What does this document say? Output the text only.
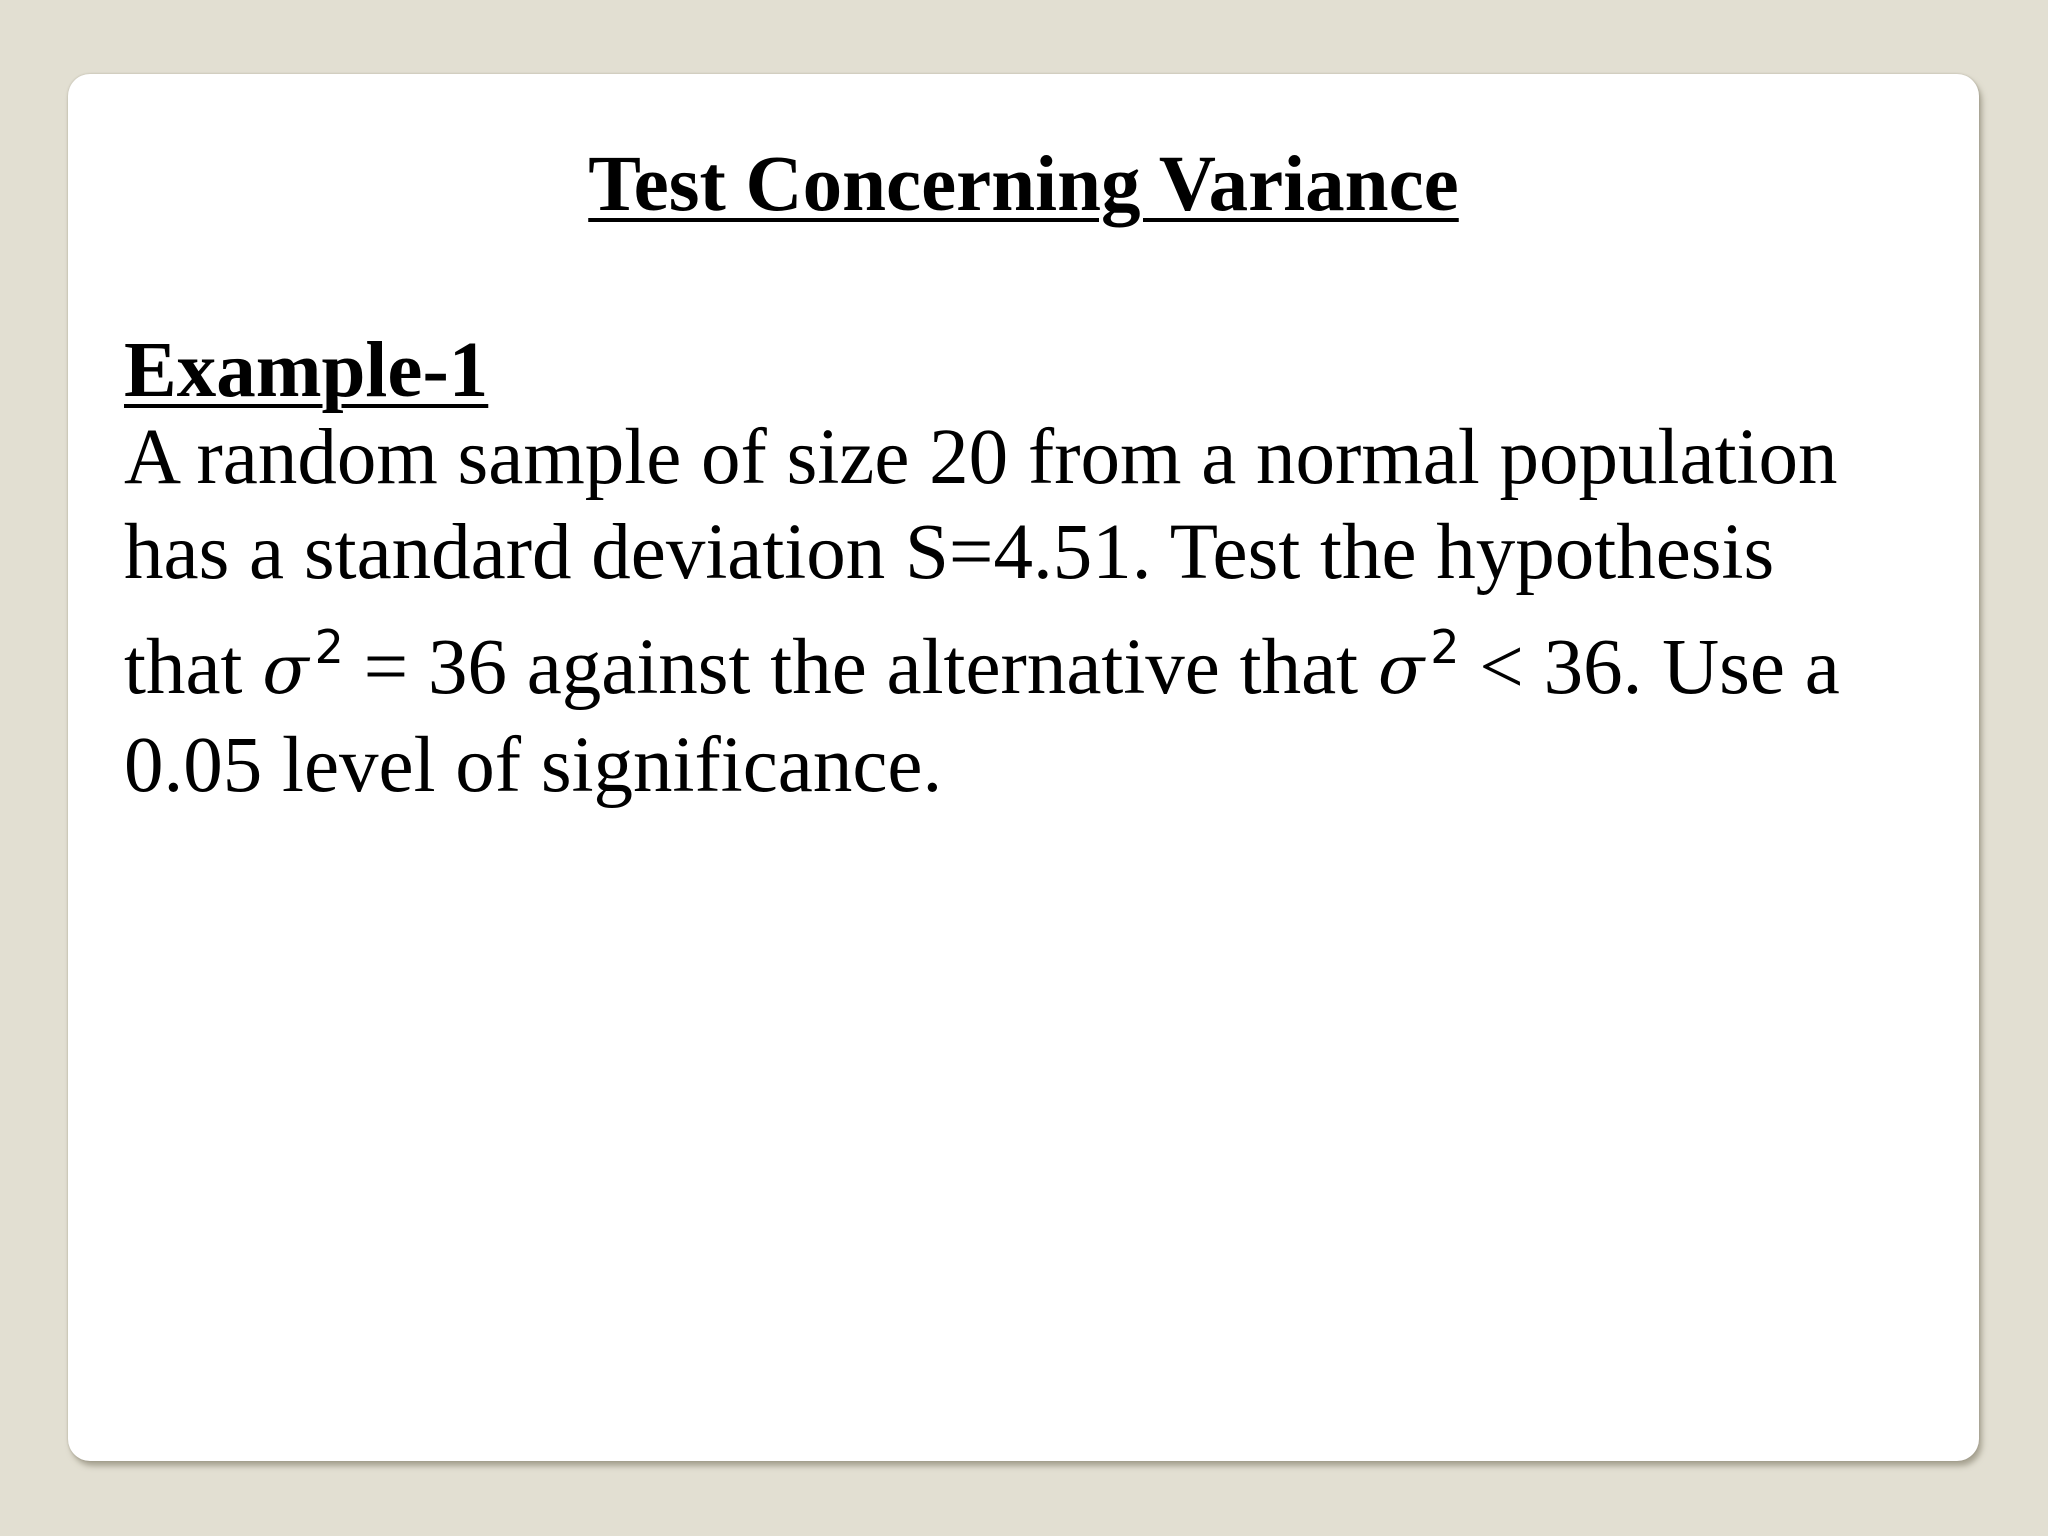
Test Concerning Variance
Example-1
A random sample of size 20 from a normal population
has a standard deviation S=4.51. Test the hypothesis
that σ $^2$ = 36 against the alternative that σ $^2$ < 36. Use a
0.05 level of significance.
